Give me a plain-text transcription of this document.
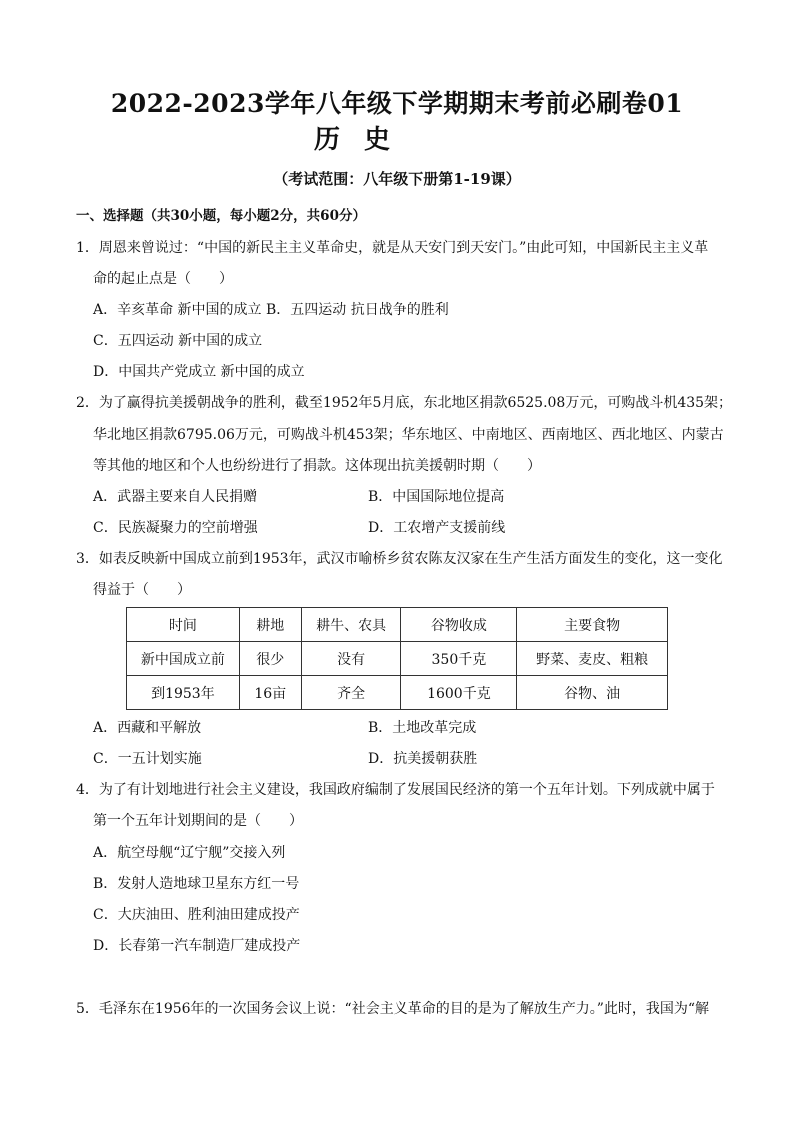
2022-2023学年八年级下学期期末考前必刷卷01
历史
（考试范围：八年级下册第1-19课）
一、选择题（共30小题，每小题2分，共60分）
1．周恩来曾说过：“中国的新民主主义革命史，就是从天安门到天安门。”由此可知，中国新民主主义革
命的起止点是（　　）
A．辛亥革命 新中国的成立 B．五四运动 抗日战争的胜利
C．五四运动 新中国的成立
D．中国共产党成立 新中国的成立
2．为了赢得抗美援朝战争的胜利，截至1952年5月底，东北地区捐款6525.08万元，可购战斗机435架；
华北地区捐款6795.06万元，可购战斗机453架；华东地区、中南地区、西南地区、西北地区、内蒙古
等其他的地区和个人也纷纷进行了捐款。这体现出抗美援朝时期（　　）
A．武器主要来自人民捐赠	B．中国国际地位提高
C．民族凝聚力的空前增强	D．工农增产支援前线
3．如表反映新中国成立前到1953年，武汉市喻桥乡贫农陈友汉家在生产生活方面发生的变化，这一变化
得益于（　　）
时间	耕地	耕牛、农具	谷物收成	主要食物
新中国成立前	很少	没有	350千克	野菜、麦皮、粗粮
到1953年	16亩	齐全	1600千克	谷物、油
A．西藏和平解放	B．土地改革完成
C．一五计划实施	D．抗美援朝获胜
4．为了有计划地进行社会主义建设，我国政府编制了发展国民经济的第一个五年计划。下列成就中属于
第一个五年计划期间的是（　　）
A．航空母舰“辽宁舰”交接入列
B．发射人造地球卫星东方红一号
C．大庆油田、胜利油田建成投产
D．长春第一汽车制造厂建成投产
5．毛泽东在1956年的一次国务会议上说：“社会主义革命的目的是为了解放生产力。”此时，我国为“解
